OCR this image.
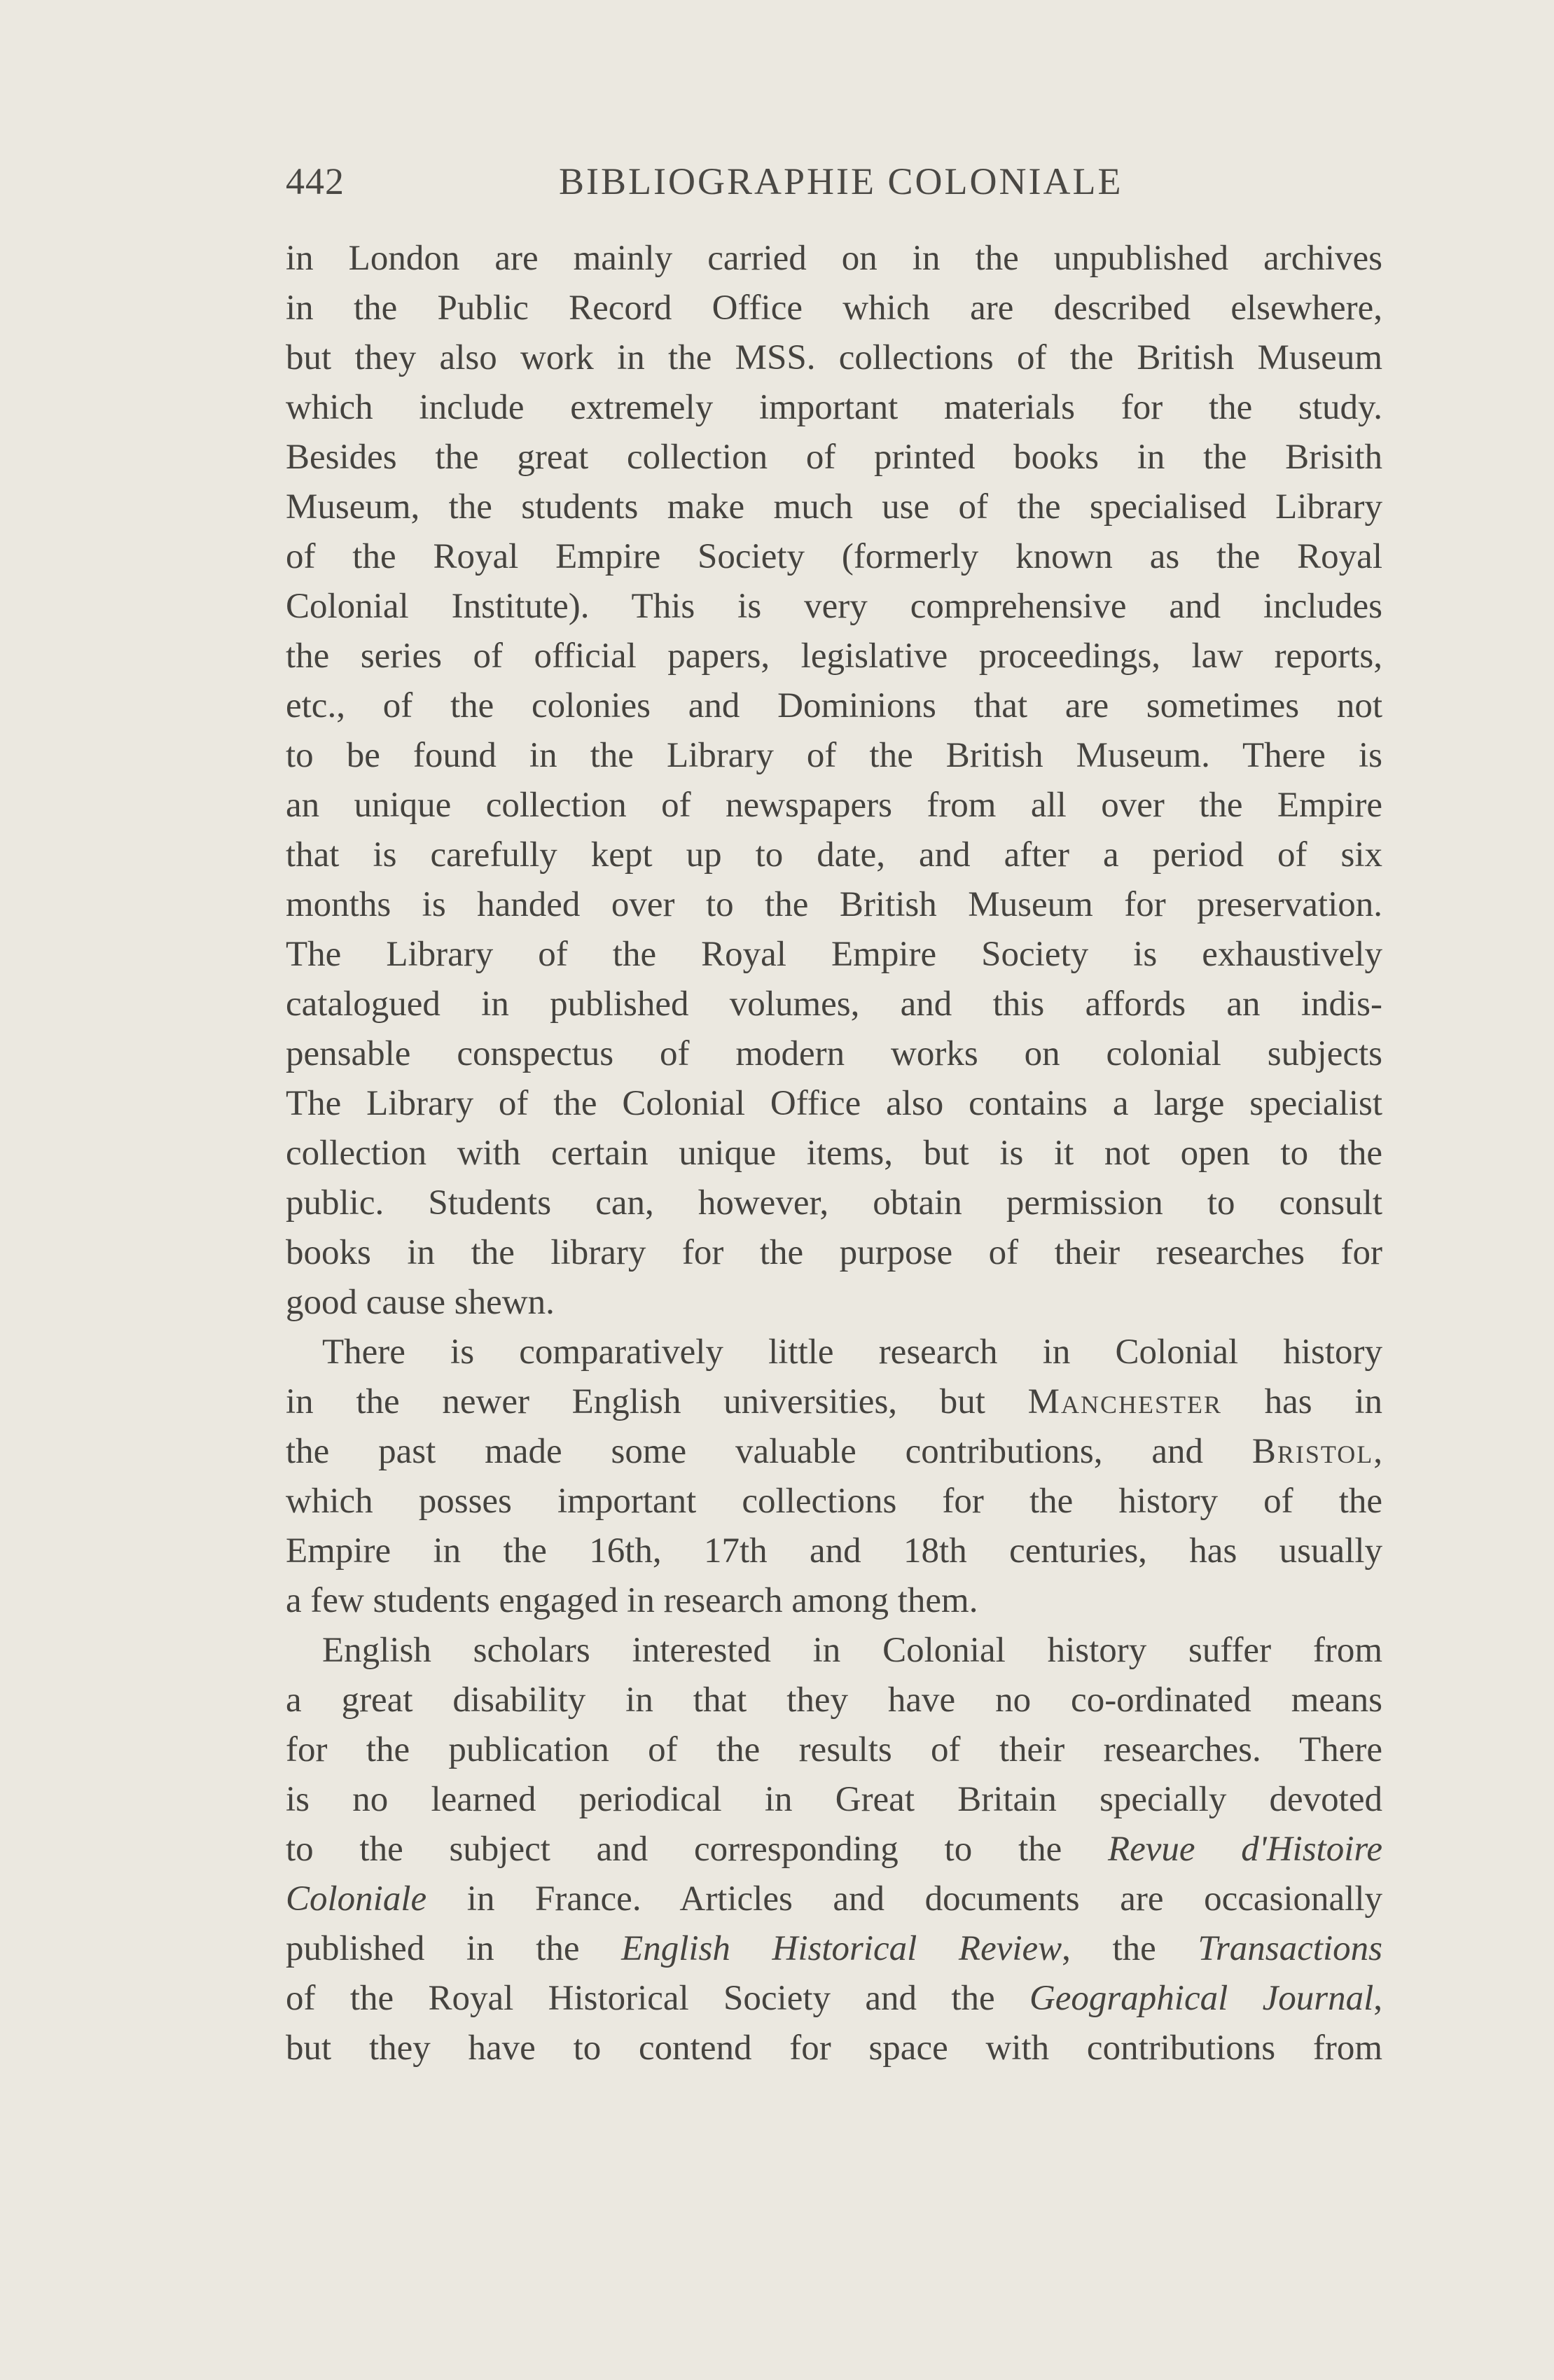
442	BIBLIOGRAPHIE COLONIALE
in London are mainly carried on in the unpublished archives
in the Public Record Office which are described elsewhere,
but they also work in the MSS. collections of the British Museum
which include extremely important materials for the study.
Besides the great collection of printed books in the Brisith
Museum, the students make much use of the specialised Library
of the Royal Empire Society (formerly known as the Royal
Colonial Institute). This is very comprehensive and includes
the series of official papers, legislative proceedings, law reports,
etc., of the colonies and Dominions that are sometimes not
to be found in the Library of the British Museum. There is
an unique collection of newspapers from all over the Empire
that is carefully kept up to date, and after a period of six
months is handed over to the British Museum for preservation.
The Library of the Royal Empire Society is exhaustively
catalogued in published volumes, and this affords an indis-
pensable conspectus of modern works on colonial subjects
The Library of the Colonial Office also contains a large specialist
collection with certain unique items, but is it not open to the
public. Students can, however, obtain permission to consult
books in the library for the purpose of their researches for
good cause shewn.
There is comparatively little research in Colonial history
in the newer English universities, but Manchester has in
the past made some valuable contributions, and Bristol,
which posses important collections for the history of the
Empire in the 16th, 17th and 18th centuries, has usually
a few students engaged in research among them.
English scholars interested in Colonial history suffer from
a great disability in that they have no co-ordinated means
for the publication of the results of their researches. There
is no learned periodical in Great Britain specially devoted
to the subject and corresponding to the Revue d'Histoire
Coloniale in France. Articles and documents are occasionally
published in the English Historical Review, the Transactions
of the Royal Historical Society and the Geographical Journal,
but they have to contend for space with contributions from
